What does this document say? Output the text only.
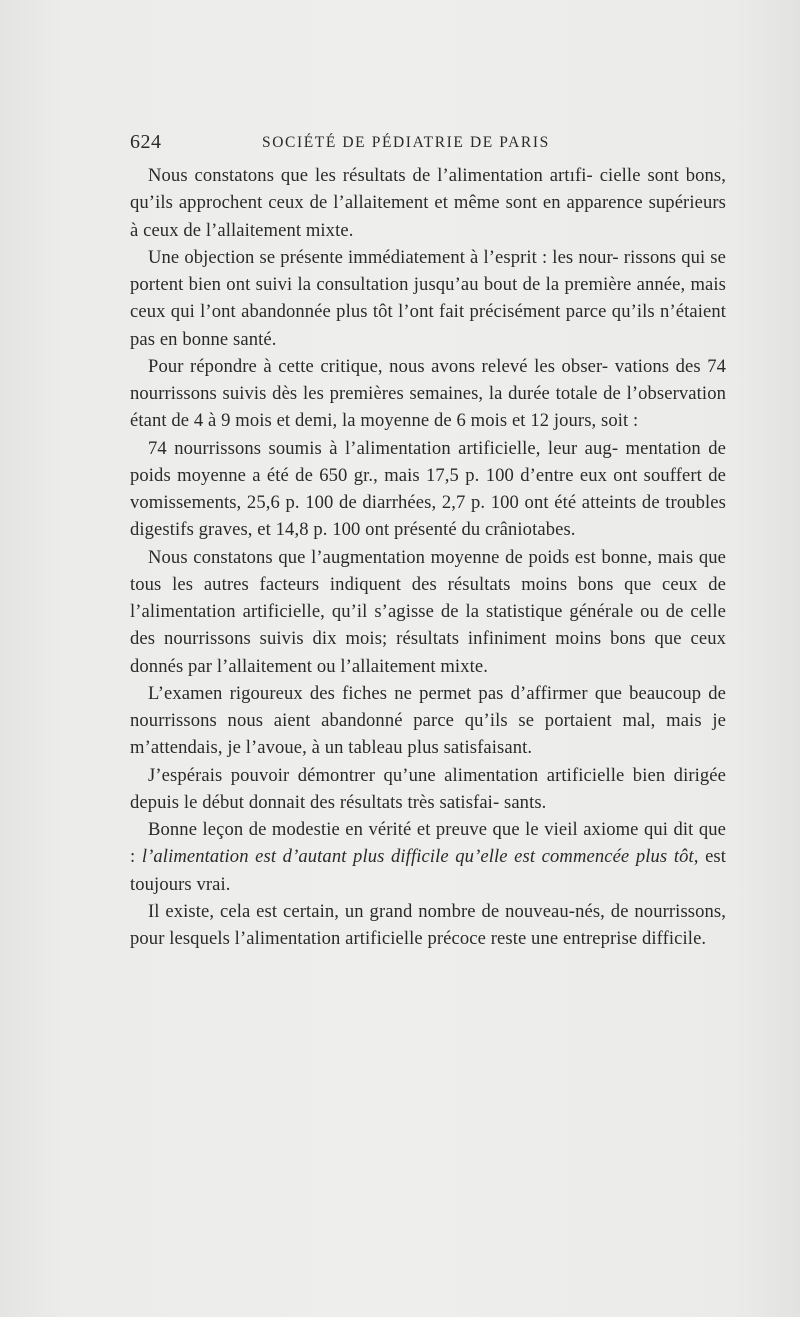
624	SOCIÉTÉ DE PÉDIATRIE DE PARIS

Nous constatons que les résultats de l’alimentation artıfi- cielle sont bons, qu’ils approchent ceux de l’allaitement et même sont en apparence supérieurs à ceux de l’allaitement mixte.

Une objection se présente immédiatement à l’esprit : les nour- rissons qui se portent bien ont suivi la consultation jusqu’au bout de la première année, mais ceux qui l’ont abandonnée plus tôt l’ont fait précisément parce qu’ils n’étaient pas en bonne santé.

Pour répondre à cette critique, nous avons relevé les obser- vations des 74 nourrissons suivis dès les premières semaines, la durée totale de l’observation étant de 4 à 9 mois et demi, la moyenne de 6 mois et 12 jours, soit :

74 nourrissons soumis à l’alimentation artificielle, leur aug- mentation de poids moyenne a été de 650 gr., mais 17,5 p. 100 d’entre eux ont souffert de vomissements, 25,6 p. 100 de diarrhées, 2,7 p. 100 ont été atteints de troubles digestifs graves, et 14,8 p. 100 ont présenté du crâniotabes.

Nous constatons que l’augmentation moyenne de poids est bonne, mais que tous les autres facteurs indiquent des résultats moins bons que ceux de l’alimentation artificielle, qu’il s’agisse de la statistique générale ou de celle des nourrissons suivis dix mois; résultats infiniment moins bons que ceux donnés par l’allaitement ou l’allaitement mixte.

L’examen rigoureux des fiches ne permet pas d’affirmer que beaucoup de nourrissons nous aient abandonné parce qu’ils se portaient mal, mais je m’attendais, je l’avoue, à un tableau plus satisfaisant.

J’espérais pouvoir démontrer qu’une alimentation artificielle bien dirigée depuis le début donnait des résultats très satisfai- sants.

Bonne leçon de modestie en vérité et preuve que le vieil axiome qui dit que : l’alimentation est d’autant plus difficile qu’elle est commencée plus tôt, est toujours vrai.

Il existe, cela est certain, un grand nombre de nouveau-nés, de nourrissons, pour lesquels l’alimentation artificielle précoce reste une entreprise difficile.
